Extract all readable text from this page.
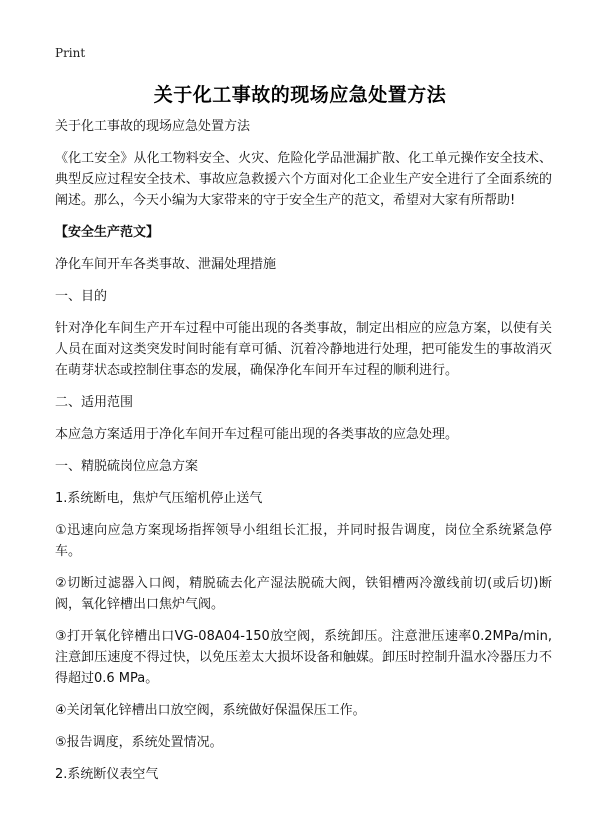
Print
关于化工事故的现场应急处置方法

关于化工事故的现场应急处置方法

《化工安全》从化工物料安全、火灾、危险化学品泄漏扩散、化工单元操作安全技术、典型反应过程安全技术、事故应急救援六个方面对化工企业生产安全进行了全面系统的阐述。那么，今天小编为大家带来的守于安全生产的范文，希望对大家有所帮助!

【安全生产范文】

净化车间开车各类事故、泄漏处理措施

一、目的

针对净化车间生产开车过程中可能出现的各类事故，制定出相应的应急方案，以使有关人员在面对这类突发时间时能有章可循、沉着冷静地进行处理，把可能发生的事故消灭在萌芽状态或控制住事态的发展，确保净化车间开车过程的顺利进行。

二、适用范围

本应急方案适用于净化车间开车过程可能出现的各类事故的应急处理。

一、精脱硫岗位应急方案

1.系统断电，焦炉气压缩机停止送气

①迅速向应急方案现场指挥领导小组组长汇报，并同时报告调度，岗位全系统紧急停车。

②切断过滤器入口阀，精脱硫去化产湿法脱硫大阀，铁钼槽两冷激线前切(或后切)断阀，氧化锌槽出口焦炉气阀。

③打开氧化锌槽出口VG-08A04-150放空阀，系统卸压。注意泄压速率0.2MPa/min,注意卸压速度不得过快，以免压差太大损坏设备和触媒。卸压时控制升温水冷器压力不得超过0.6 MPa。

④关闭氧化锌槽出口放空阀，系统做好保温保压工作。

⑤报告调度，系统处置情况。

2.系统断仪表空气
